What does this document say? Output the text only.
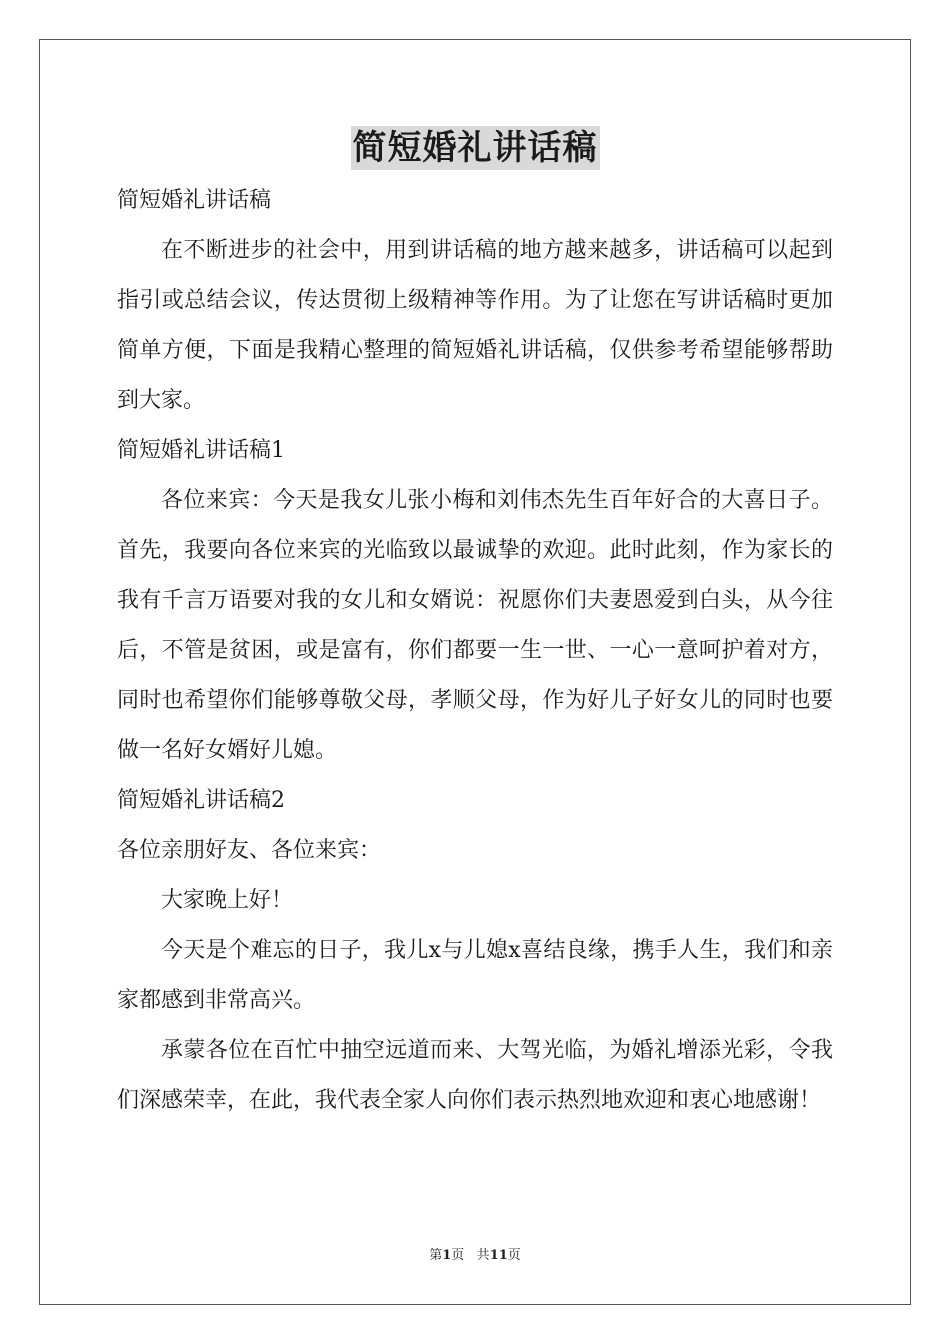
简短婚礼讲话稿

简短婚礼讲话稿

在不断进步的社会中，用到讲话稿的地方越来越多，讲话稿可以起到指引或总结会议，传达贯彻上级精神等作用。为了让您在写讲话稿时更加简单方便，下面是我精心整理的简短婚礼讲话稿，仅供参考希望能够帮助到大家。

简短婚礼讲话稿1

各位来宾：今天是我女儿张小梅和刘伟杰先生百年好合的大喜日子。首先，我要向各位来宾的光临致以最诚挚的欢迎。此时此刻，作为家长的我有千言万语要对我的女儿和女婿说：祝愿你们夫妻恩爱到白头，从今往后，不管是贫困，或是富有，你们都要一生一世、一心一意呵护着对方，同时也希望你们能够尊敬父母，孝顺父母，作为好儿子好女儿的同时也要做一名好女婿好儿媳。

简短婚礼讲话稿2

各位亲朋好友、各位来宾：

大家晚上好！

今天是个难忘的日子，我儿x与儿媳x喜结良缘，携手人生，我们和亲家都感到非常高兴。

承蒙各位在百忙中抽空远道而来、大驾光临，为婚礼增添光彩，令我们深感荣幸，在此，我代表全家人向你们表示热烈地欢迎和衷心地感谢！

第1页 共11页
